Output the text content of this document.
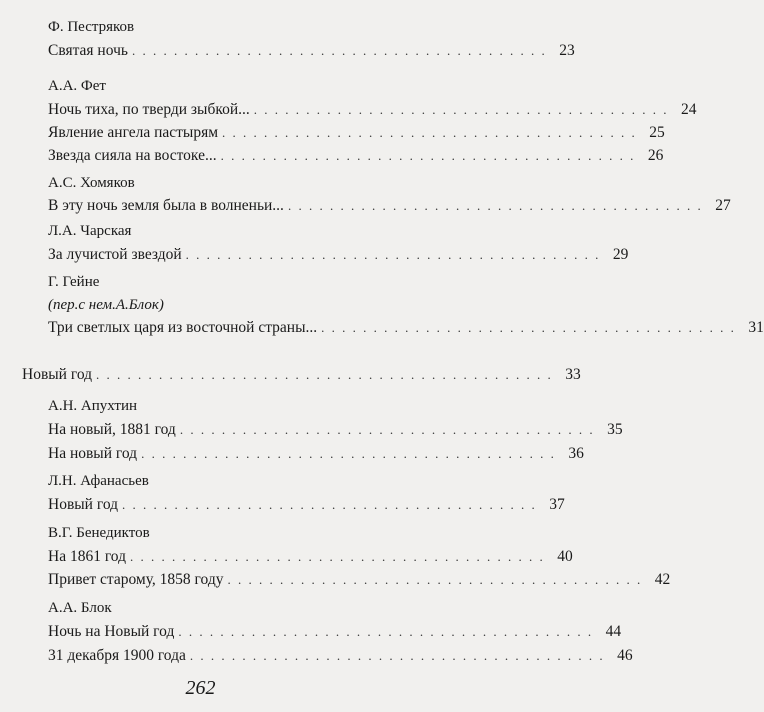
Ф. Пестряков
Святая ночь . . . . . . . . . . . . . . . . . . . . . . . . . . . . . . . . . . . . . . . . 23
А.А. Фет
Ночь тиха, по тверди зыбкой... . . . . . . . . . . . . . . . . . . . . . . . . . . . . . . . . . . . . . . . . 24
Явление ангела пастырям . . . . . . . . . . . . . . . . . . . . . . . . . . . . . . . . . . . . . . . . 25
Звезда сияла на востоке... . . . . . . . . . . . . . . . . . . . . . . . . . . . . . . . . . . . . . . . . 26
А.С. Хомяков
В эту ночь земля была в волненьи... . . . . . . . . . . . . . . . . . . . . . . . . . . . . . . . . . . . . . . . . 27
Л.А. Чарская
За лучистой звездой . . . . . . . . . . . . . . . . . . . . . . . . . . . . . . . . . . . . . . . . 29
Г. Гейне
(пер.с нем.А.Блок)
Три светлых царя из восточной страны... . . . . . . . . . . . . . . . . . . . . . . . . . . . . . . . . . . . . . . . . 31
Новый год . . . . . . . . . . . . . . . . . . . . . . . . . . . . . . . . . . . . . . . . . . . . 33
А.Н. Апухтин
На новый, 1881 год . . . . . . . . . . . . . . . . . . . . . . . . . . . . . . . . . . . . . . . . 35
На новый год . . . . . . . . . . . . . . . . . . . . . . . . . . . . . . . . . . . . . . . . 36
Л.Н. Афанасьев
Новый год . . . . . . . . . . . . . . . . . . . . . . . . . . . . . . . . . . . . . . . . 37
В.Г. Бенедиктов
На 1861 год . . . . . . . . . . . . . . . . . . . . . . . . . . . . . . . . . . . . . . . . 40
Привет старому, 1858 году . . . . . . . . . . . . . . . . . . . . . . . . . . . . . . . . . . . . . . . . 42
А.А. Блок
Ночь на Новый год . . . . . . . . . . . . . . . . . . . . . . . . . . . . . . . . . . . . . . . . 44
31 декабря 1900 года . . . . . . . . . . . . . . . . . . . . . . . . . . . . . . . . . . . . . . . . 46
262
